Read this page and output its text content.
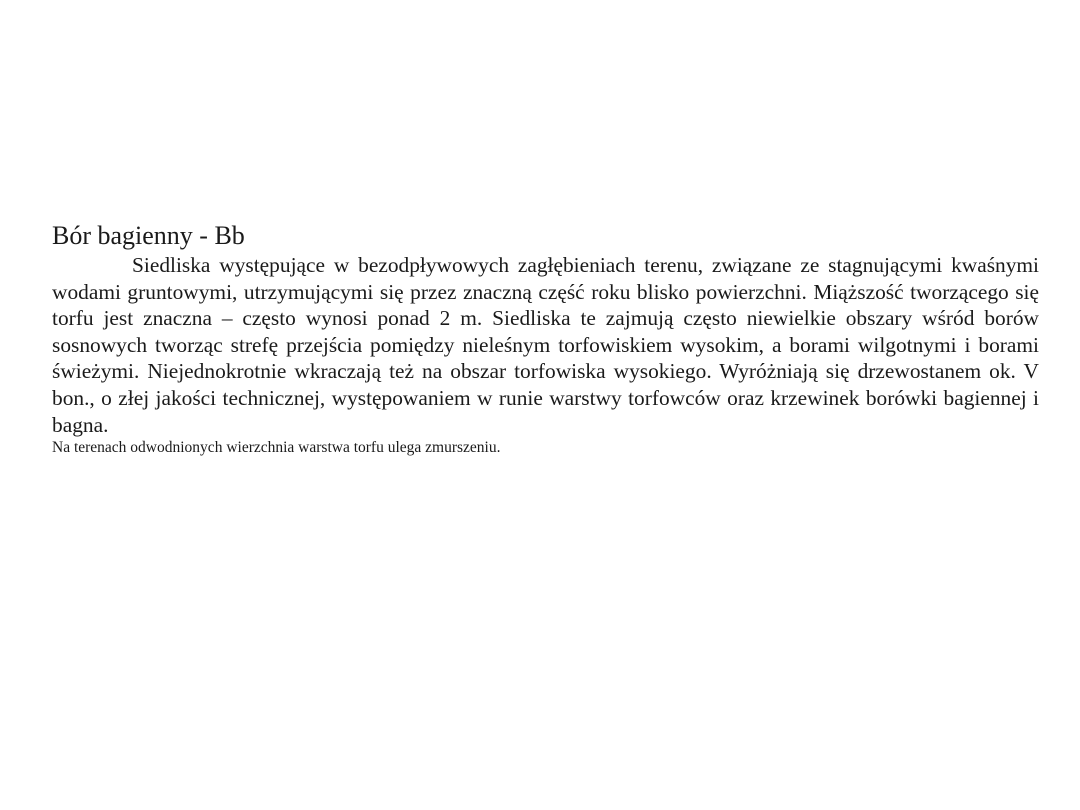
Bór bagienny - Bb

Siedliska występujące w bezodpływowych zagłębieniach terenu, związane ze stagnującymi kwaśnymi wodami gruntowymi, utrzymującymi się przez znaczną część roku blisko powierzchni. Miąższość tworzącego się torfu jest znaczna – często wynosi ponad 2 m. Siedliska te zajmują często niewielkie obszary wśród borów sosnowych tworząc strefę przejścia pomiędzy nieleśnym torfowiskiem wysokim, a borami wilgotnymi i borami świeżymi. Niejednokrotnie wkraczają też na obszar torfowiska wysokiego. Wyróżniają się drzewostanem ok. V bon., o złej jakości technicznej, występowaniem w runie warstwy torfowców oraz krzewinek borówki bagiennej i bagna.

Na terenach odwodnionych wierzchnia warstwa torfu ulega zmurszeniu.
